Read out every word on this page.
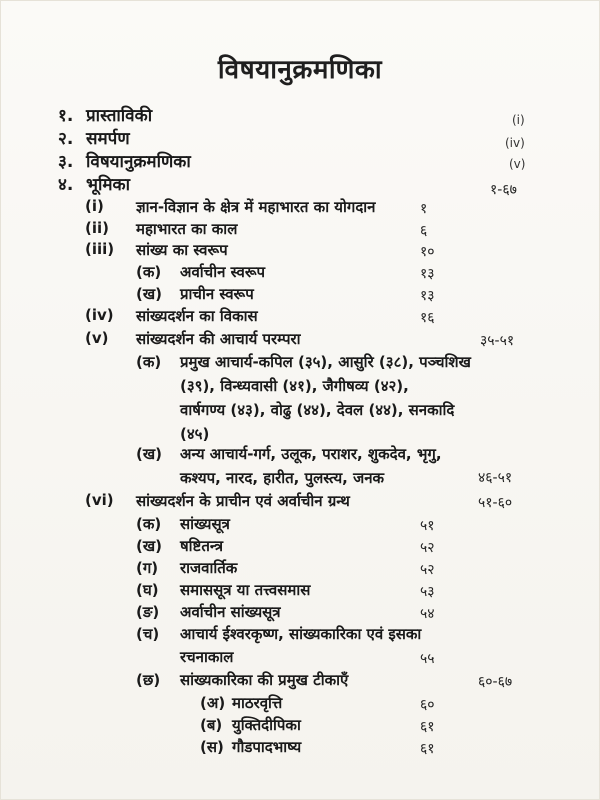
विषयानुक्रमणिका
१. प्रास्ताविकी	(i)
२. समर्पण	(iv)
३. विषयानुक्रमणिका	(v)
४. भूमिका	१-६७
(i) ज्ञान-विज्ञान के क्षेत्र में महाभारत का योगदान	१
(ii) महाभारत का काल	६
(iii) सांख्य का स्वरूप	१०
(क) अर्वाचीन स्वरूप	१३
(ख) प्राचीन स्वरूप	१३
(iv) सांख्यदर्शन का विकास	१६
(v) सांख्यदर्शन की आचार्य परम्परा	३५-५१
(क) प्रमुख आचार्य-कपिल (३५), आसुरि (३८), पञ्चशिख
(३९), विन्ध्यवासी (४१), जैगीषव्य (४२),
वार्षगण्य (४३), वोढु (४४), देवल (४४), सनकादि
(४५)
(ख) अन्य आचार्य-गर्ग, उलूक, पराशर, शुकदेव, भृगु,
कश्यप, नारद, हारीत, पुलस्त्य, जनक	४६-५१
(vi) सांख्यदर्शन के प्राचीन एवं अर्वाचीन ग्रन्थ	५१-६०
(क) सांख्यसूत्र	५१
(ख) षष्टितन्त्र	५२
(ग) राजवार्तिक	५२
(घ) समाससूत्र या तत्त्वसमास	५३
(ङ) अर्वाचीन सांख्यसूत्र	५४
(च) आचार्य ईश्वरकृष्ण, सांख्यकारिका एवं इसका
रचनाकाल	५५
(छ) सांख्यकारिका की प्रमुख टीकाएँ	६०-६७
(अ) माठरवृत्ति	६०
(ब) युक्तिदीपिका	६१
(स) गौडपादभाष्य	६१
